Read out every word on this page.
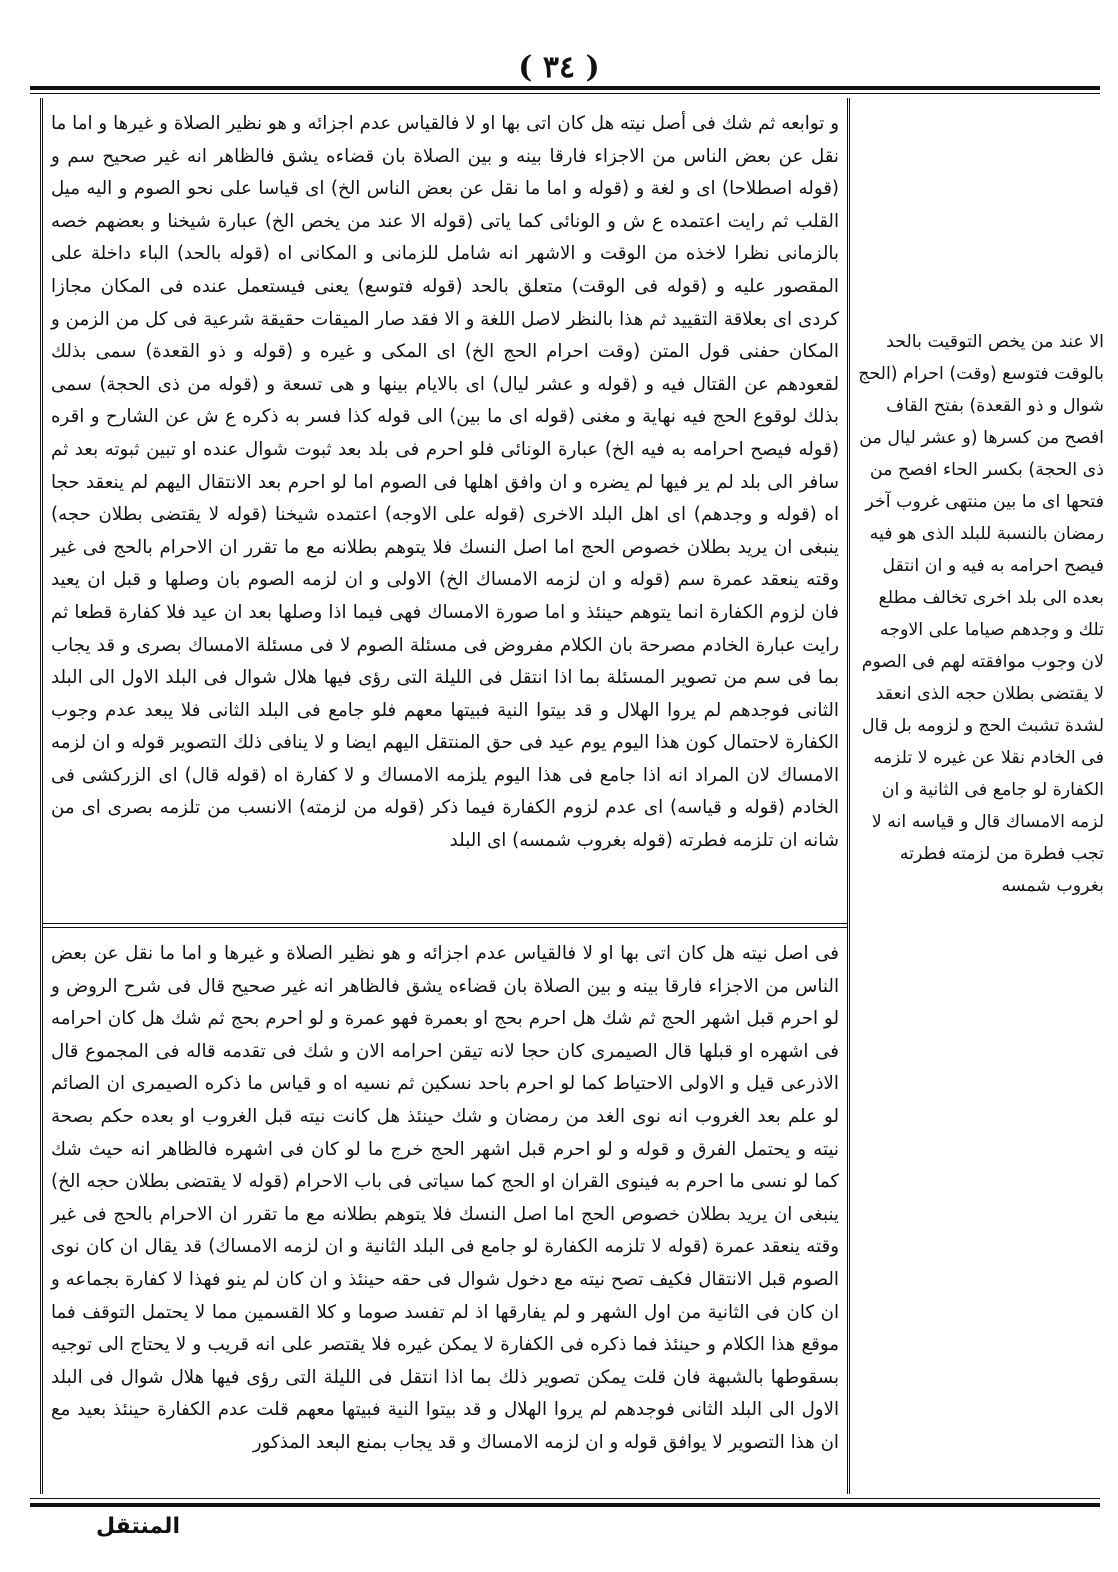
( ٣٤ )

و توابعه ثم شك فى أصل نيته هل كان اتى بها او لا فالقياس عدم اجزائه و هو نظير الصلاة و غيرها و اما ما نقل عن بعض الناس من الاجزاء فارقا بينه و بين الصلاة بان قضاءه يشق فالظاهر انه غير صحيح سم و (قوله اصطلاحا) اى و لغة و (قوله و اما ما نقل عن بعض الناس الخ) اى قياسا على نحو الصوم و اليه ميل القلب ثم رايت اعتمده ع ش و الونائى كما ياتى (قوله الا عند من يخص الخ) عبارة شيخنا و بعضهم خصه بالزمانى نظرا لاخذه من الوقت و الاشهر انه شامل للزمانى و المكانى اه (قوله بالحد) الباء داخلة على المقصور عليه و (قوله فى الوقت) متعلق بالحد (قوله فتوسع) يعنى فيستعمل عنده فى المكان مجازا كردى اى بعلاقة التقييد ثم هذا بالنظر لاصل اللغة و الا فقد صار الميقات حقيقة شرعية فى كل من الزمن و المكان حفنى قول المتن (وقت احرام الحج الخ) اى المكى و غيره و (قوله و ذو القعدة) سمى بذلك لقعودهم عن القتال فيه و (قوله و عشر ليال) اى بالايام بينها و هى تسعة و (قوله من ذى الحجة) سمى بذلك لوقوع الحج فيه نهاية و مغنى (قوله اى ما بين) الى قوله كذا فسر به ذكره ع ش عن الشارح و اقره (قوله فيصح احرامه به فيه الخ) عبارة الونائى فلو احرم فى بلد بعد ثبوت شوال عنده او تبين ثبوته بعد ثم سافر الى بلد لم ير فيها لم يضره و ان وافق اهلها فى الصوم اما لو احرم بعد الانتقال اليهم لم ينعقد حجا اه (قوله و وجدهم) اى اهل البلد الاخرى (قوله على الاوجه) اعتمده شيخنا (قوله لا يقتضى بطلان حجه) ينبغى ان يريد بطلان خصوص الحج اما اصل النسك فلا يتوهم بطلانه مع ما تقرر ان الاحرام بالحج فى غير وقته ينعقد عمرة سم (قوله و ان لزمه الامساك الخ) الاولى و ان لزمه الصوم بان وصلها و قبل ان يعيد فان لزوم الكفارة انما يتوهم حينئذ و اما صورة الامساك فهى فيما اذا وصلها بعد ان عيد فلا كفارة قطعا ثم رايت عبارة الخادم مصرحة بان الكلام مفروض فى مسئلة الصوم لا فى مسئلة الامساك بصرى و قد يجاب بما فى سم من تصوير المسئلة بما اذا انتقل فى الليلة التى رؤى فيها هلال شوال فى البلد الاول الى البلد الثانى فوجدهم لم يروا الهلال و قد بيتوا النية فبيتها معهم فلو جامع فى البلد الثانى فلا يبعد عدم وجوب الكفارة لاحتمال كون هذا اليوم يوم عيد فى حق المنتقل اليهم ايضا و لا ينافى ذلك التصوير قوله و ان لزمه الامساك لان المراد انه اذا جامع فى هذا اليوم يلزمه الامساك و لا كفارة اه (قوله قال) اى الزركشى فى الخادم (قوله و قياسه) اى عدم لزوم الكفارة فيما ذكر (قوله من لزمته) الانسب من تلزمه بصرى اى من شانه ان تلزمه فطرته (قوله بغروب شمسه) اى البلد

فى اصل نيته هل كان اتى بها او لا فالقياس عدم اجزائه و هو نظير الصلاة و غيرها و اما ما نقل عن بعض الناس من الاجزاء فارقا بينه و بين الصلاة بان قضاءه يشق فالظاهر انه غير صحيح قال فى شرح الروض و لو احرم قبل اشهر الحج ثم شك هل احرم بحج او بعمرة فهو عمرة و لو احرم بحج ثم شك هل كان احرامه فى اشهره او قبلها قال الصيمرى كان حجا لانه تيقن احرامه الان و شك فى تقدمه قاله فى المجموع قال الاذرعى قيل و الاولى الاحتياط كما لو احرم باحد نسكين ثم نسيه اه و قياس ما ذكره الصيمرى ان الصائم لو علم بعد الغروب انه نوى الغد من رمضان و شك حينئذ هل كانت نيته قبل الغروب او بعده حكم بصحة نيته و يحتمل الفرق و قوله و لو احرم قبل اشهر الحج خرج ما لو كان فى اشهره فالظاهر انه حيث شك كما لو نسى ما احرم به فينوى القران او الحج كما سياتى فى باب الاحرام (قوله لا يقتضى بطلان حجه الخ) ينبغى ان يريد بطلان خصوص الحج اما اصل النسك فلا يتوهم بطلانه مع ما تقرر ان الاحرام بالحج فى غير وقته ينعقد عمرة (قوله لا تلزمه الكفارة لو جامع فى البلد الثانية و ان لزمه الامساك) قد يقال ان كان نوى الصوم قبل الانتقال فكيف تصح نيته مع دخول شوال فى حقه حينئذ و ان كان لم ينو فهذا لا كفارة بجماعه و ان كان فى الثانية من اول الشهر و لم يفارقها اذ لم تفسد صوما و كلا القسمين مما لا يحتمل التوقف فما موقع هذا الكلام و حينئذ فما ذكره فى الكفارة لا يمكن غيره فلا يقتصر على انه قريب و لا يحتاج الى توجيه بسقوطها بالشبهة فان قلت يمكن تصوير ذلك بما اذا انتقل فى الليلة التى رؤى فيها هلال شوال فى البلد الاول الى البلد الثانى فوجدهم لم يروا الهلال و قد بيتوا النية فبيتها معهم قلت عدم الكفارة حينئذ بعيد مع ان هذا التصوير لا يوافق قوله و ان لزمه الامساك و قد يجاب بمنع البعد المذكور

الا عند من يخص التوقيت بالحد بالوقت فتوسع (وقت) احرام (الحج شوال و ذو القعدة) بفتح القاف افصح من كسرها (و عشر ليال من ذى الحجة) بكسر الحاء افصح من فتحها اى ما بين منتهى غروب آخر رمضان بالنسبة للبلد الذى هو فيه فيصح احرامه به فيه و ان انتقل بعده الى بلد اخرى تخالف مطلع تلك و وجدهم صياما على الاوجه لان وجوب موافقته لهم فى الصوم لا يقتضى بطلان حجه الذى انعقد لشدة تشبث الحج و لزومه بل قال فى الخادم نقلا عن غيره لا تلزمه الكفارة لو جامع فى الثانية و ان لزمه الامساك قال و قياسه انه لا تجب فطرة من لزمته فطرته بغروب شمسه

المنتقل
